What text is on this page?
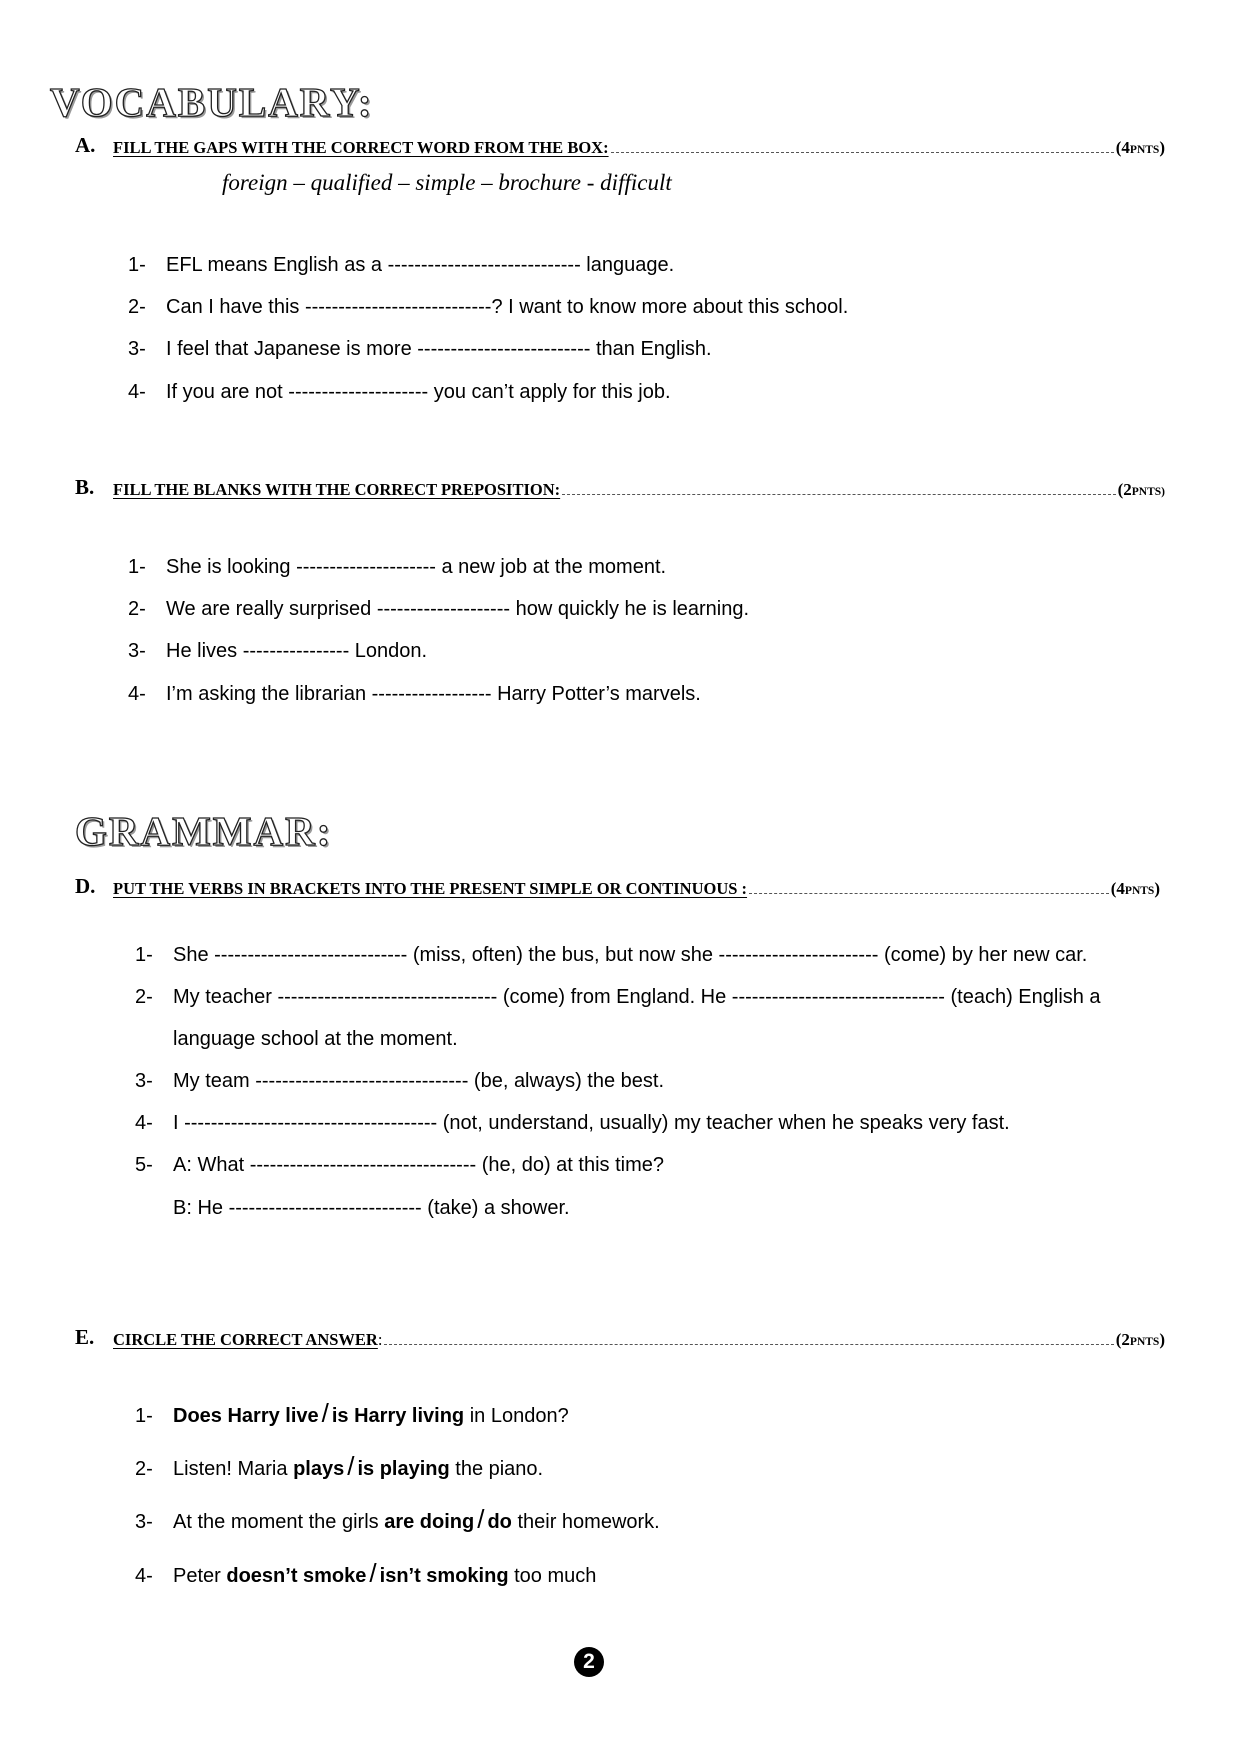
VOCABULARY:
A.	FILL THE GAPS WITH THE CORRECT WORD FROM THE BOX:	(4PNTS)
foreign – qualified – simple – brochure - difficult
1- EFL means English as a ----------------------------- language.
2- Can I have this ----------------------------? I want to know more about this school.
3- I feel that Japanese is more -------------------------- than English.
4- If you are not --------------------- you can’t apply for this job.
B.	FILL THE BLANKS WITH THE CORRECT PREPOSITION:	(2PNTS)
1- She is looking --------------------- a new job at the moment.
2- We are really surprised -------------------- how quickly he is learning.
3- He lives ---------------- London.
4- I’m asking the librarian ------------------ Harry Potter’s marvels.
GRAMMAR:
D.	PUT THE VERBS IN BRACKETS INTO THE PRESENT SIMPLE OR CONTINUOUS :	(4PNTS)
1- She ----------------------------- (miss, often) the bus, but now she ------------------------ (come) by her new car.
2- My teacher --------------------------------- (come) from England. He -------------------------------- (teach) English a
language school at the moment.
3- My team -------------------------------- (be, always) the best.
4- I -------------------------------------- (not, understand, usually) my teacher when he speaks very fast.
5- A: What ---------------------------------- (he, do) at this time?
B: He ----------------------------- (take) a shower.
E.	CIRCLE THE CORRECT ANSWER :	(2PNTS)
1- Does Harry live / is Harry living in London?
2- Listen! Maria plays / is playing the piano.
3- At the moment the girls are doing / do their homework.
4- Peter doesn’t smoke / isn’t smoking too much
2
